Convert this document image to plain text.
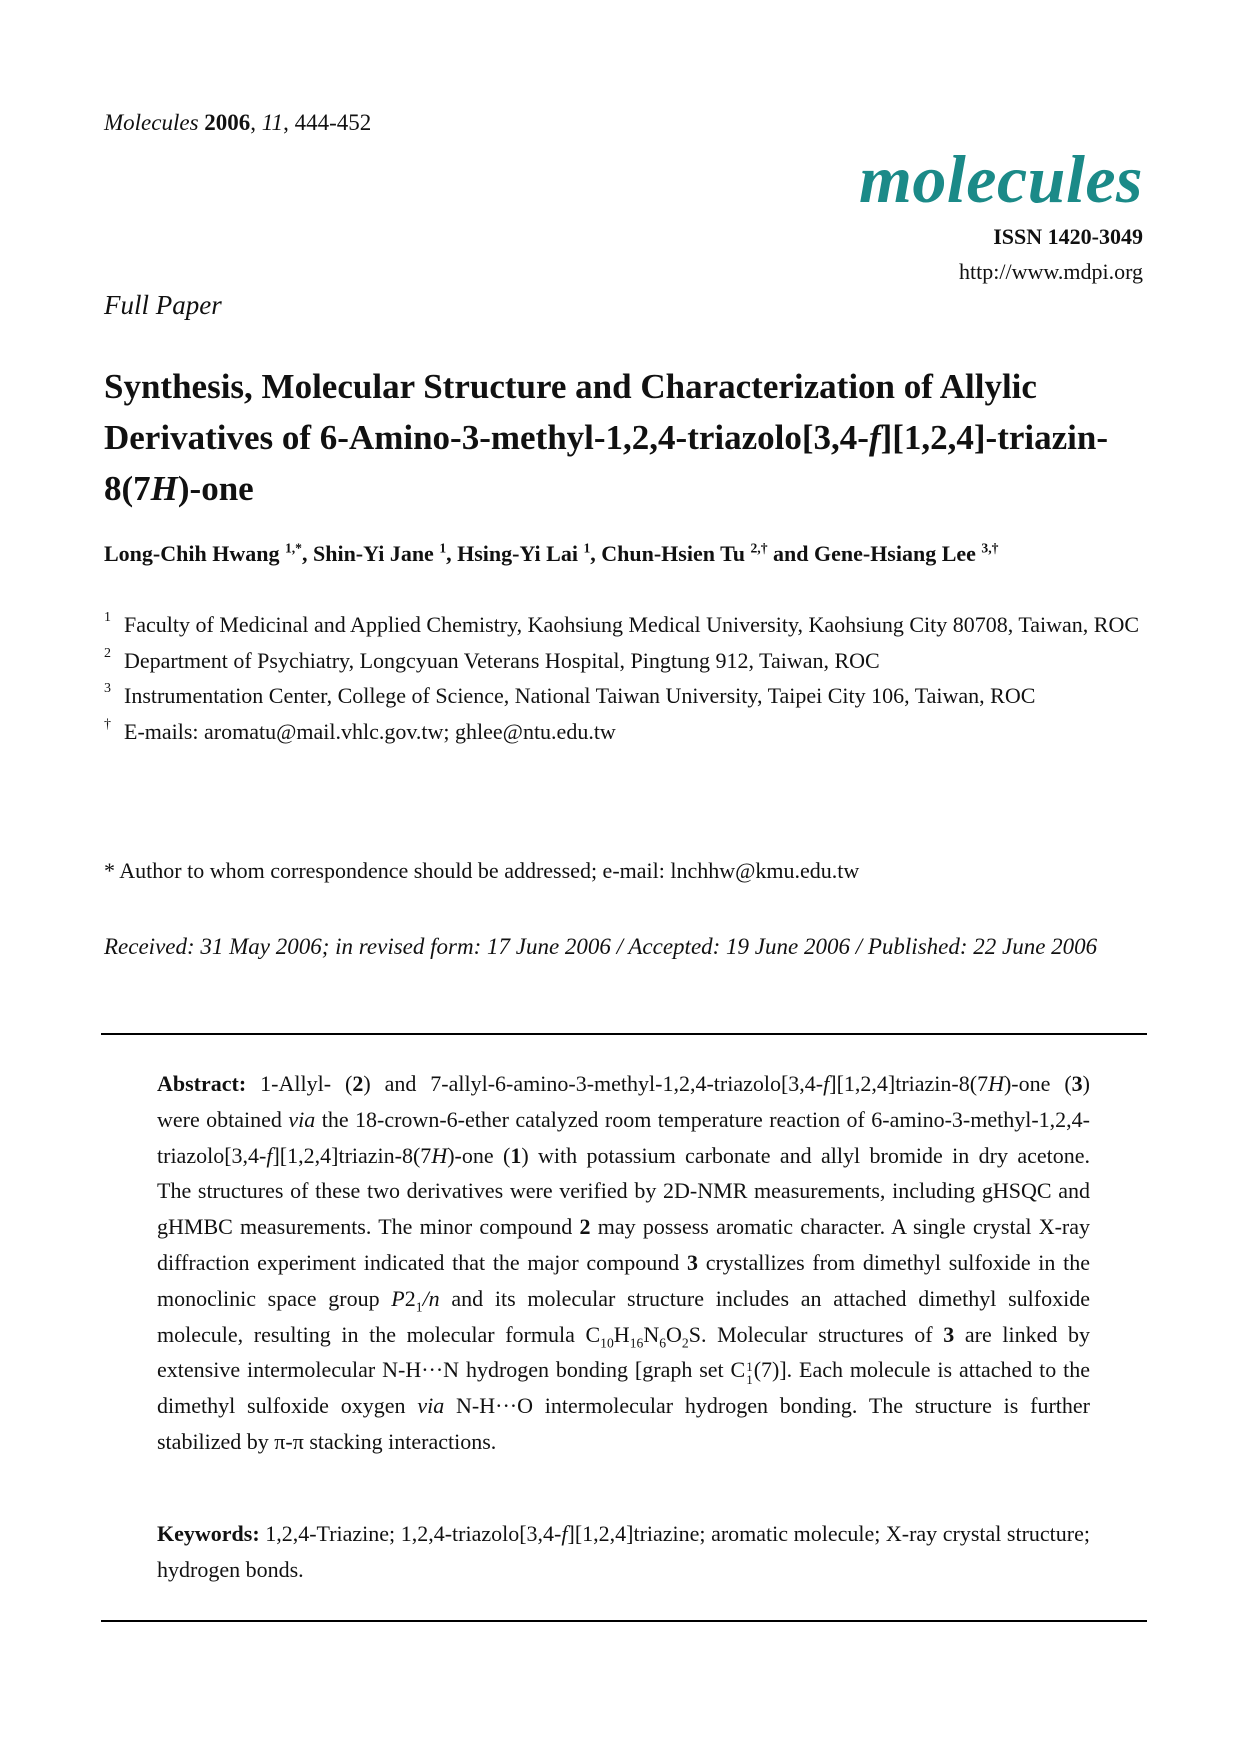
Molecules 2006, 11, 444-452
molecules
ISSN 1420-3049
http://www.mdpi.org
Full Paper
Synthesis, Molecular Structure and Characterization of Allylic Derivatives of 6-Amino-3-methyl-1,2,4-triazolo[3,4-f][1,2,4]-triazin-8(7H)-one
Long-Chih Hwang $^{1,*}$, Shin-Yi Jane $^1$, Hsing-Yi Lai $^1$, Chun-Hsien Tu $^{2,\dagger}$ and Gene-Hsiang Lee $^{3,\dagger}$
1 Faculty of Medicinal and Applied Chemistry, Kaohsiung Medical University, Kaohsiung City 80708, Taiwan, ROC
2 Department of Psychiatry, Longcyuan Veterans Hospital, Pingtung 912, Taiwan, ROC
3 Instrumentation Center, College of Science, National Taiwan University, Taipei City 106, Taiwan, ROC
† E-mails: aromatu@mail.vhlc.gov.tw; ghlee@ntu.edu.tw
* Author to whom correspondence should be addressed; e-mail: lnchhw@kmu.edu.tw
Received: 31 May 2006; in revised form: 17 June 2006 / Accepted: 19 June 2006 / Published: 22 June 2006
Abstract: 1-Allyl- (2) and 7-allyl-6-amino-3-methyl-1,2,4-triazolo[3,4-f][1,2,4]triazin-8(7H)-one (3) were obtained via the 18-crown-6-ether catalyzed room temperature reaction of 6-amino-3-methyl-1,2,4-triazolo[3,4-f][1,2,4]triazin-8(7H)-one (1) with potassium carbonate and allyl bromide in dry acetone. The structures of these two derivatives were verified by 2D-NMR measurements, including gHSQC and gHMBC measurements. The minor compound 2 may possess aromatic character. A single crystal X-ray diffraction experiment indicated that the major compound 3 crystallizes from dimethyl sulfoxide in the monoclinic space group $P2_1/n$ and its molecular structure includes an attached dimethyl sulfoxide molecule, resulting in the molecular formula $C_{10}H_{16}N_6O_2S$. Molecular structures of 3 are linked by extensive intermolecular N-H···N hydrogen bonding [graph set C 1
1 (7)]. Each molecule is attached to the dimethyl sulfoxide oxygen via N-H···O intermolecular hydrogen bonding. The structure is further stabilized by π-π stacking interactions.
Keywords: 1,2,4-Triazine; 1,2,4-triazolo[3,4-f][1,2,4]triazine; aromatic molecule; X-ray crystal structure; hydrogen bonds.
